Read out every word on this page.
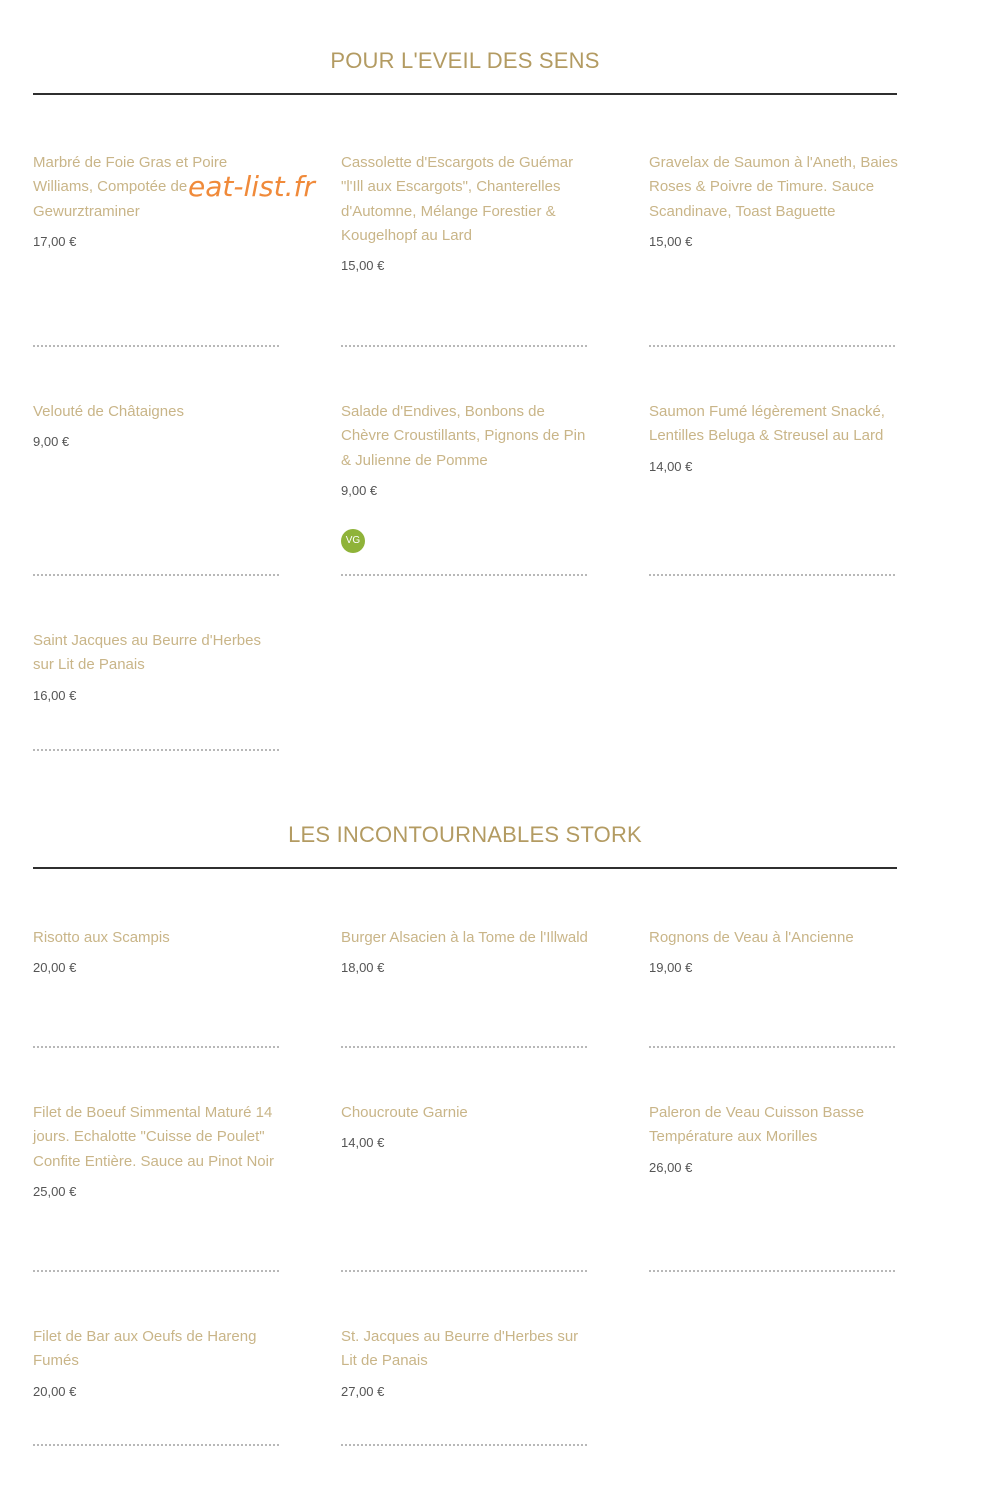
POUR L'EVEIL DES SENS
Marbré de Foie Gras et Poire Williams, Compotée de Gewurztraminer
17,00 €
Cassolette d'Escargots de Guémar "l'Ill aux Escargots", Chanterelles d'Automne, Mélange Forestier & Kougelhopf au Lard
15,00 €
Gravelax de Saumon à l'Aneth, Baies Roses & Poivre de Timure. Sauce Scandinave, Toast Baguette
15,00 €
Velouté de Châtaignes
9,00 €
Salade d'Endives, Bonbons de Chèvre Croustillants, Pignons de Pin & Julienne de Pomme
9,00 €
VG
Saumon Fumé légèrement Snacké, Lentilles Beluga & Streusel au Lard
14,00 €
Saint Jacques au Beurre d'Herbes sur Lit de Panais
16,00 €
LES INCONTOURNABLES STORK
Risotto aux Scampis
20,00 €
Burger Alsacien à la Tome de l'Illwald
18,00 €
Rognons de Veau à l'Ancienne
19,00 €
Filet de Boeuf Simmental Maturé 14 jours. Echalotte "Cuisse de Poulet" Confite Entière. Sauce au Pinot Noir
25,00 €
Choucroute Garnie
14,00 €
Paleron de Veau Cuisson Basse Température aux Morilles
26,00 €
Filet de Bar aux Oeufs de Hareng Fumés
20,00 €
St. Jacques au Beurre d'Herbes sur Lit de Panais
27,00 €
eat-list.fr
